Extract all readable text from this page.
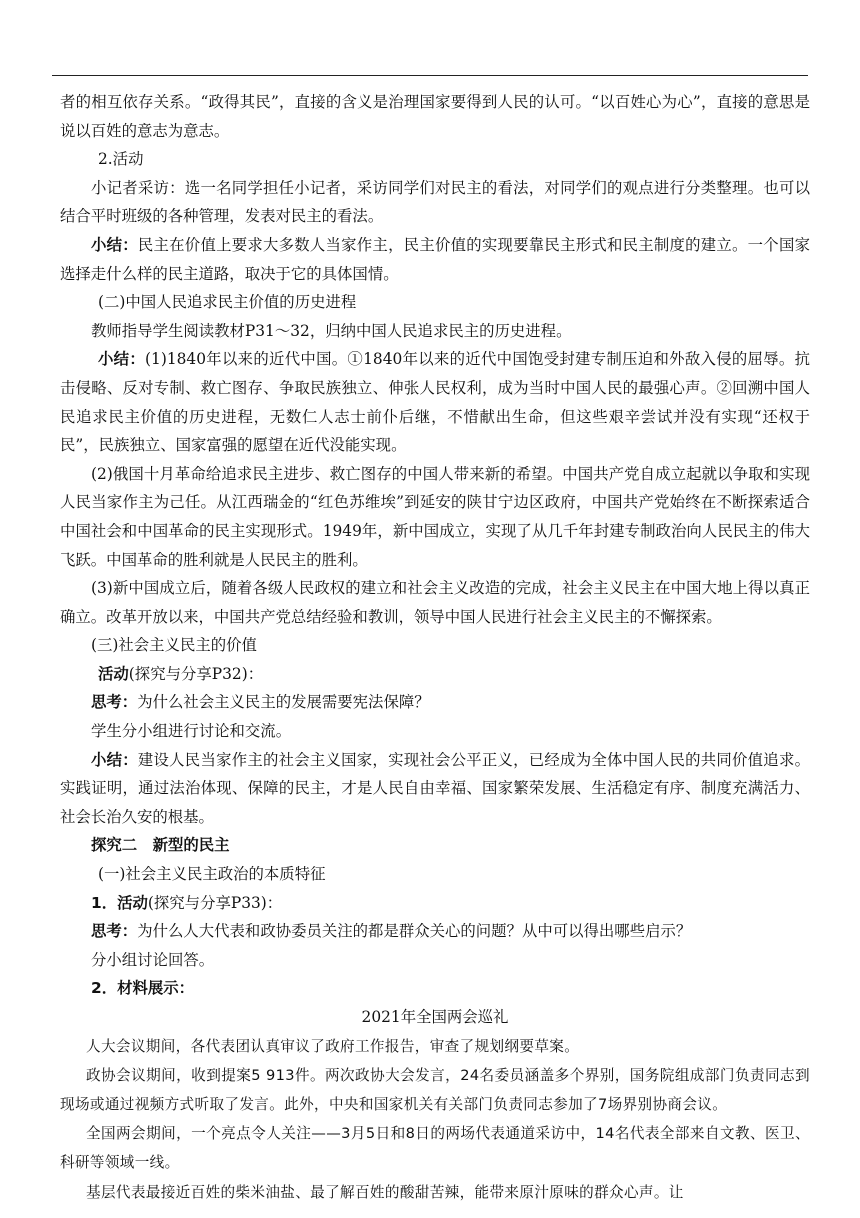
者的相互依存关系。“政得其民”，直接的含义是治理国家要得到人民的认可。“以百姓心为心”，直接的意思是说以百姓的意志为意志。

2.活动

小记者采访：选一名同学担任小记者，采访同学们对民主的看法，对同学们的观点进行分类整理。也可以结合平时班级的各种管理，发表对民主的看法。

小结：民主在价值上要求大多数人当家作主，民主价值的实现要靠民主形式和民主制度的建立。一个国家选择走什么样的民主道路，取决于它的具体国情。

(二)中国人民追求民主价值的历史进程

教师指导学生阅读教材P31～32，归纳中国人民追求民主的历史进程。

小结：(1)1840年以来的近代中国。①1840年以来的近代中国饱受封建专制压迫和外敌入侵的屈辱。抗击侵略、反对专制、救亡图存、争取民族独立、伸张人民权利，成为当时中国人民的最强心声。②回溯中国人民追求民主价值的历史进程，无数仁人志士前仆后继，不惜献出生命，但这些艰辛尝试并没有实现“还权于民”，民族独立、国家富强的愿望在近代没能实现。

(2)俄国十月革命给追求民主进步、救亡图存的中国人带来新的希望。中国共产党自成立起就以争取和实现人民当家作主为己任。从江西瑞金的“红色苏维埃”到延安的陕甘宁边区政府，中国共产党始终在不断探索适合中国社会和中国革命的民主实现形式。1949年，新中国成立，实现了从几千年封建专制政治向人民民主的伟大飞跃。中国革命的胜利就是人民民主的胜利。

(3)新中国成立后，随着各级人民政权的建立和社会主义改造的完成，社会主义民主在中国大地上得以真正确立。改革开放以来，中国共产党总结经验和教训，领导中国人民进行社会主义民主的不懈探索。

(三)社会主义民主的价值

活动(探究与分享P32)：

思考：为什么社会主义民主的发展需要宪法保障？

学生分小组进行讨论和交流。

小结：建设人民当家作主的社会主义国家，实现社会公平正义，已经成为全体中国人民的共同价值追求。实践证明，通过法治体现、保障的民主，才是人民自由幸福、国家繁荣发展、生活稳定有序、制度充满活力、社会长治久安的根基。

探究二　新型的民主

(一)社会主义民主政治的本质特征

1．活动(探究与分享P33)：

思考：为什么人大代表和政协委员关注的都是群众关心的问题？从中可以得出哪些启示？

分小组讨论回答。

2．材料展示：

2021年全国两会巡礼

人大会议期间，各代表团认真审议了政府工作报告，审查了规划纲要草案。

政协会议期间，收到提案5 913件。两次政协大会发言，24名委员涵盖多个界别，国务院组成部门负责同志到现场或通过视频方式听取了发言。此外，中央和国家机关有关部门负责同志参加了7场界别协商会议。

全国两会期间，一个亮点令人关注——3月5日和8日的两场代表通道采访中，14名代表全部来自文教、医卫、科研等领域一线。

基层代表最接近百姓的柴米油盐、最了解百姓的酸甜苦辣，能带来原汁原味的群众心声。让
